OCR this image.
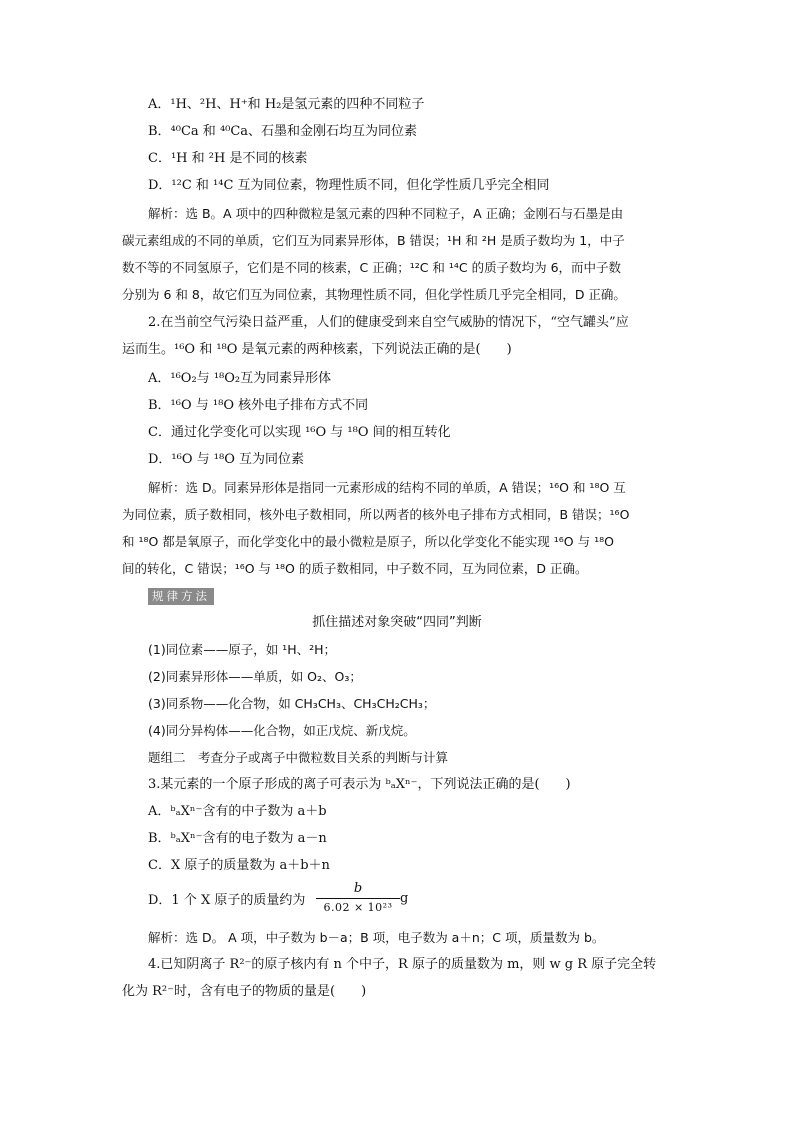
A．¹H、²H、H⁺和 H₂是氢元素的四种不同粒子
B．⁴⁰Ca 和 ⁴⁰Ca、石墨和金刚石均互为同位素
C．¹H 和 ²H 是不同的核素
D．¹²C 和 ¹⁴C 互为同位素，物理性质不同，但化学性质几乎完全相同
解析：选 B。A 项中的四种微粒是氢元素的四种不同粒子，A 正确；金刚石与石墨是由
碳元素组成的不同的单质，它们互为同素异形体，B 错误；¹H 和 ²H 是质子数均为 1，中子
数不等的不同氢原子，它们是不同的核素，C 正确；¹²C 和 ¹⁴C 的质子数均为 6，而中子数
分别为 6 和 8，故它们互为同位素，其物理性质不同，但化学性质几乎完全相同，D 正确。
2.在当前空气污染日益严重，人们的健康受到来自空气威胁的情况下，“空气罐头”应
运而生。¹⁶O 和 ¹⁸O 是氧元素的两种核素，下列说法正确的是(　　)
A．¹⁶O₂与 ¹⁸O₂互为同素异形体
B．¹⁶O 与 ¹⁸O 核外电子排布方式不同
C．通过化学变化可以实现 ¹⁶O 与 ¹⁸O 间的相互转化
D．¹⁶O 与 ¹⁸O 互为同位素
解析：选 D。同素异形体是指同一元素形成的结构不同的单质，A 错误；¹⁶O 和 ¹⁸O 互
为同位素，质子数相同，核外电子数相同，所以两者的核外电子排布方式相同，B 错误；¹⁶O
和 ¹⁸O 都是氧原子，而化学变化中的最小微粒是原子，所以化学变化不能实现 ¹⁶O 与 ¹⁸O
间的转化，C 错误；¹⁶O 与 ¹⁸O 的质子数相同，中子数不同，互为同位素，D 正确。
规律方法
抓住描述对象突破“四同”判断
(1)同位素——原子，如 ¹H、²H；
(2)同素异形体——单质，如 O₂、O₃；
(3)同系物——化合物，如 CH₃CH₃、CH₃CH₂CH₃；
(4)同分异构体——化合物，如正戊烷、新戊烷。
题组二　考查分子或离子中微粒数目关系的判断与计算
3.某元素的一个原子形成的离子可表示为 ᵇₐXⁿ⁻，下列说法正确的是(　　)
A．ᵇₐXⁿ⁻含有的中子数为 a＋b
B．ᵇₐXⁿ⁻含有的电子数为 a－n
C．X 原子的质量数为 a＋b＋n
D．1 个 X 原子的质量约为
b
6.02 × 10²³
g
解析：选 D。 A 项，中子数为 b－a；B 项，电子数为 a＋n；C 项，质量数为 b。
4.已知阴离子 R²⁻的原子核内有 n 个中子，R 原子的质量数为 m，则 w g R 原子完全转
化为 R²⁻时，含有电子的物质的量是(　　)
